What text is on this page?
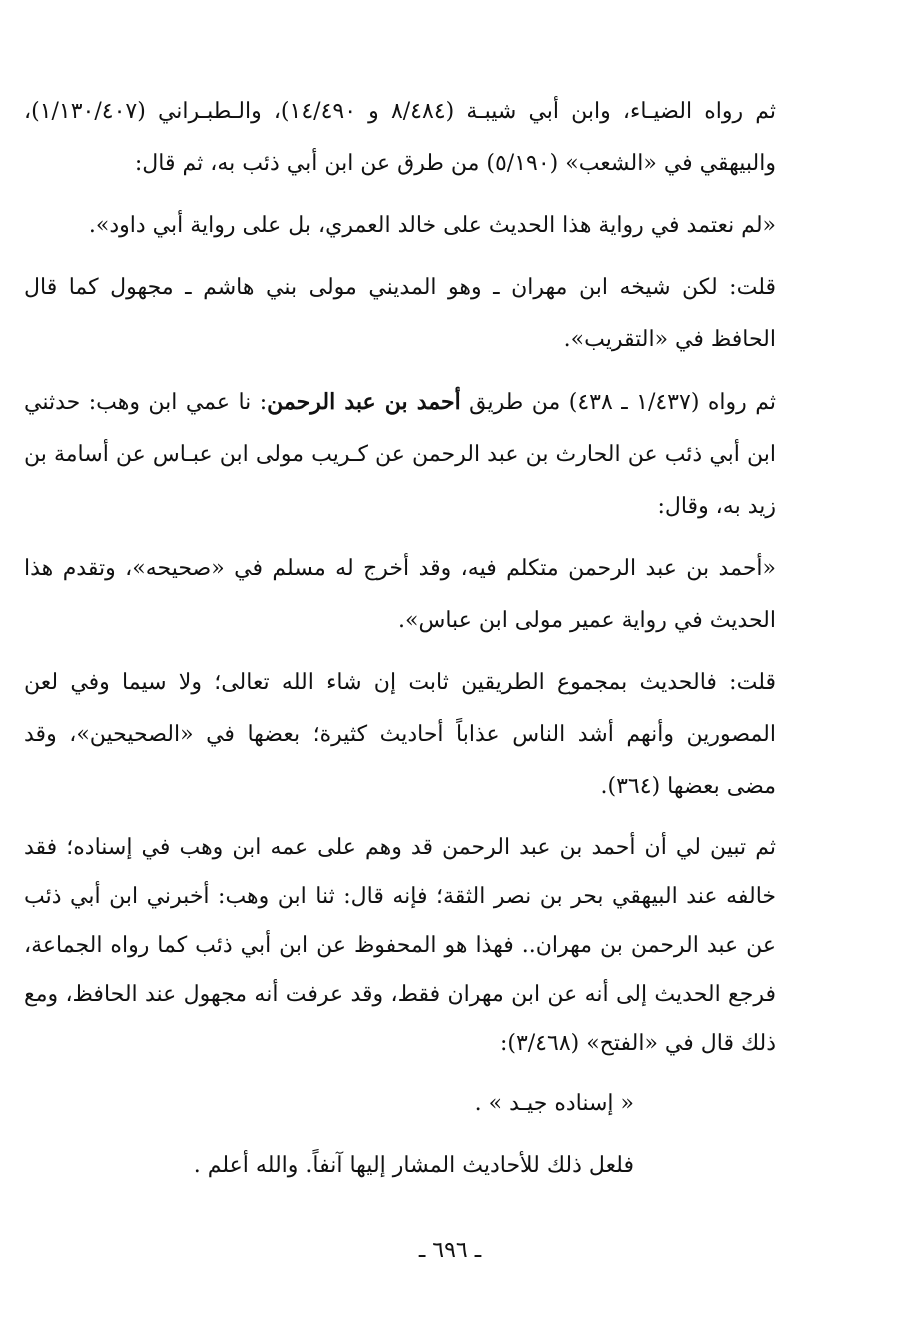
ثم رواه الضيـاء، وابن أبي شيبـة (٨/٤٨٤ و ١٤/٤٩٠)، والـطبـراني (١/١٣٠/٤٠٧)، والبيهقي في «الشعب» (٥/١٩٠) من طرق عن ابن أبي ذئب به، ثم قال:

«لم نعتمد في رواية هذا الحديث على خالد العمري، بل على رواية أبي داود».

قلت: لكن شيخه ابن مهران ـ وهو المديني مولى بني هاشم ـ مجهول كما قال الحافظ في «التقريب».

ثم رواه (١/٤٣٧ ـ ٤٣٨) من طريق أحمد بن عبد الرحمن: نا عمي ابن وهب: حدثني ابن أبي ذئب عن الحارث بن عبد الرحمن عن كـريب مولى ابن عبـاس عن أسامة بن زيد به، وقال:

«أحمد بن عبد الرحمن متكلم فيه، وقد أخرج له مسلم في «صحيحه»، وتقدم هذا الحديث في رواية عمير مولى ابن عباس».

قلت: فالحديث بمجموع الطريقين ثابت إن شاء الله تعالى؛ ولا سيما وفي لعن المصورين وأنهم أشد الناس عذاباً أحاديث كثيرة؛ بعضها في «الصحيحين»، وقد مضى بعضها (٣٦٤).

ثم تبين لي أن أحمد بن عبد الرحمن قد وهم على عمه ابن وهب في إسناده؛ فقد خالفه عند البيهقي بحر بن نصر الثقة؛ فإنه قال: ثنا ابن وهب: أخبرني ابن أبي ذئب عن عبد الرحمن بن مهران.. فهذا هو المحفوظ عن ابن أبي ذئب كما رواه الجماعة، فرجع الحديث إلى أنه عن ابن مهران فقط، وقد عرفت أنه مجهول عند الحافظ، ومع ذلك قال في «الفتح» (٣/٤٦٨):

« إسناده جيـد » .

فلعل ذلك للأحاديث المشار إليها آنفاً. والله أعلم .

ـ ٦٩٦ ـ
